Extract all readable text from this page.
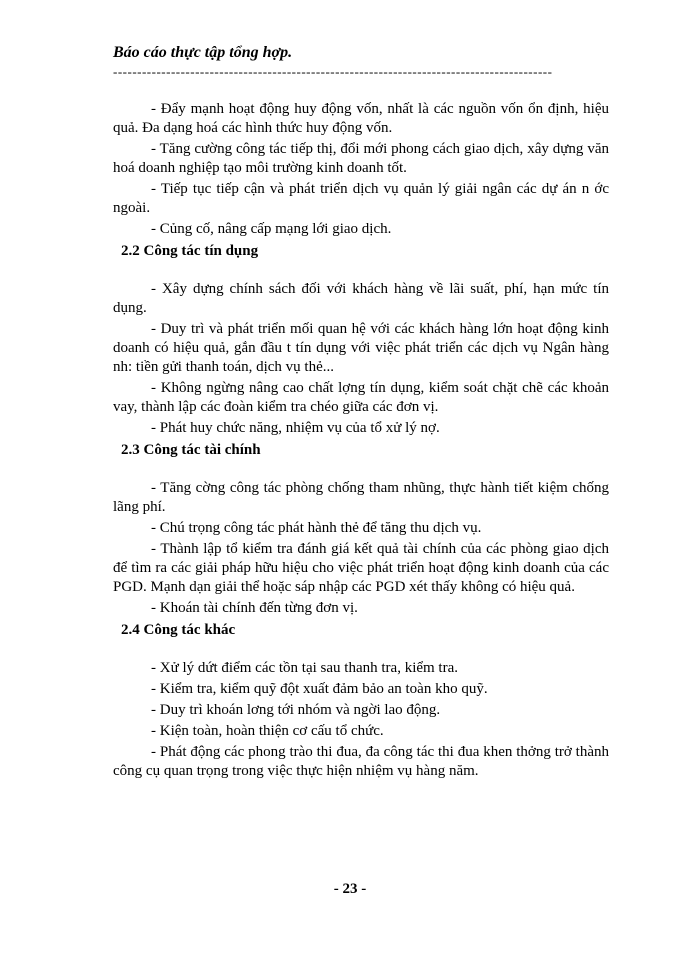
Báo cáo thực tập tổng hợp.
-------------------------------------------------------------------------------------------

- Đẩy mạnh hoạt động huy động vốn, nhất là các nguồn vốn ổn định, hiệu quả. Đa dạng hoá các hình thức huy động vốn.

- Tăng cường công tác tiếp thị, đổi mới phong cách giao dịch, xây dựng văn hoá doanh nghiệp tạo môi trường kinh doanh tốt.

- Tiếp tục tiếp cận và phát triển dịch vụ quản lý giải ngân các dự án n ớc ngoài.

- Củng cố, nâng cấp mạng lới giao dịch.

2.2 Công tác tín dụng

- Xây dựng chính sách đối với khách hàng về lãi suất, phí, hạn mức tín dụng.

- Duy trì và phát triển mối quan hệ với các khách hàng lớn hoạt động kinh doanh có hiệu quả, gắn đầu t tín dụng với việc phát triển các dịch vụ Ngân hàng nh: tiền gửi thanh toán, dịch vụ thẻ...

- Không ngừng nâng cao chất lợng tín dụng, kiểm soát chặt chẽ các khoản vay, thành lập các đoàn kiểm tra chéo giữa các đơn vị.

- Phát huy chức năng, nhiệm vụ của tổ xử lý nợ.

2.3 Công tác tài chính

- Tăng cờng công tác phòng chống tham nhũng, thực hành tiết kiệm chống lãng phí.

- Chú trọng công tác phát hành thẻ để tăng thu dịch vụ.

- Thành lập tổ kiểm tra đánh giá kết quả tài chính của các phòng giao dịch để tìm ra các giải pháp hữu hiệu cho việc phát triển hoạt động kinh doanh của các PGD. Mạnh dạn giải thể hoặc sáp nhập các PGD xét thấy không có hiệu quả.

- Khoán tài chính đến từng đơn vị.

2.4 Công tác khác

- Xử lý dứt điểm các tồn tại sau thanh tra, kiểm tra.

- Kiểm tra, kiểm quỹ đột xuất đảm bảo an toàn kho quỹ.

- Duy trì khoán lơng tới nhóm và ngời lao động.

- Kiện toàn, hoàn thiện cơ cấu tổ chức.

- Phát động các phong trào thi đua, đa công tác thi đua khen thởng trở thành công cụ quan trọng trong việc thực hiện nhiệm vụ hàng năm.

- 23 -
